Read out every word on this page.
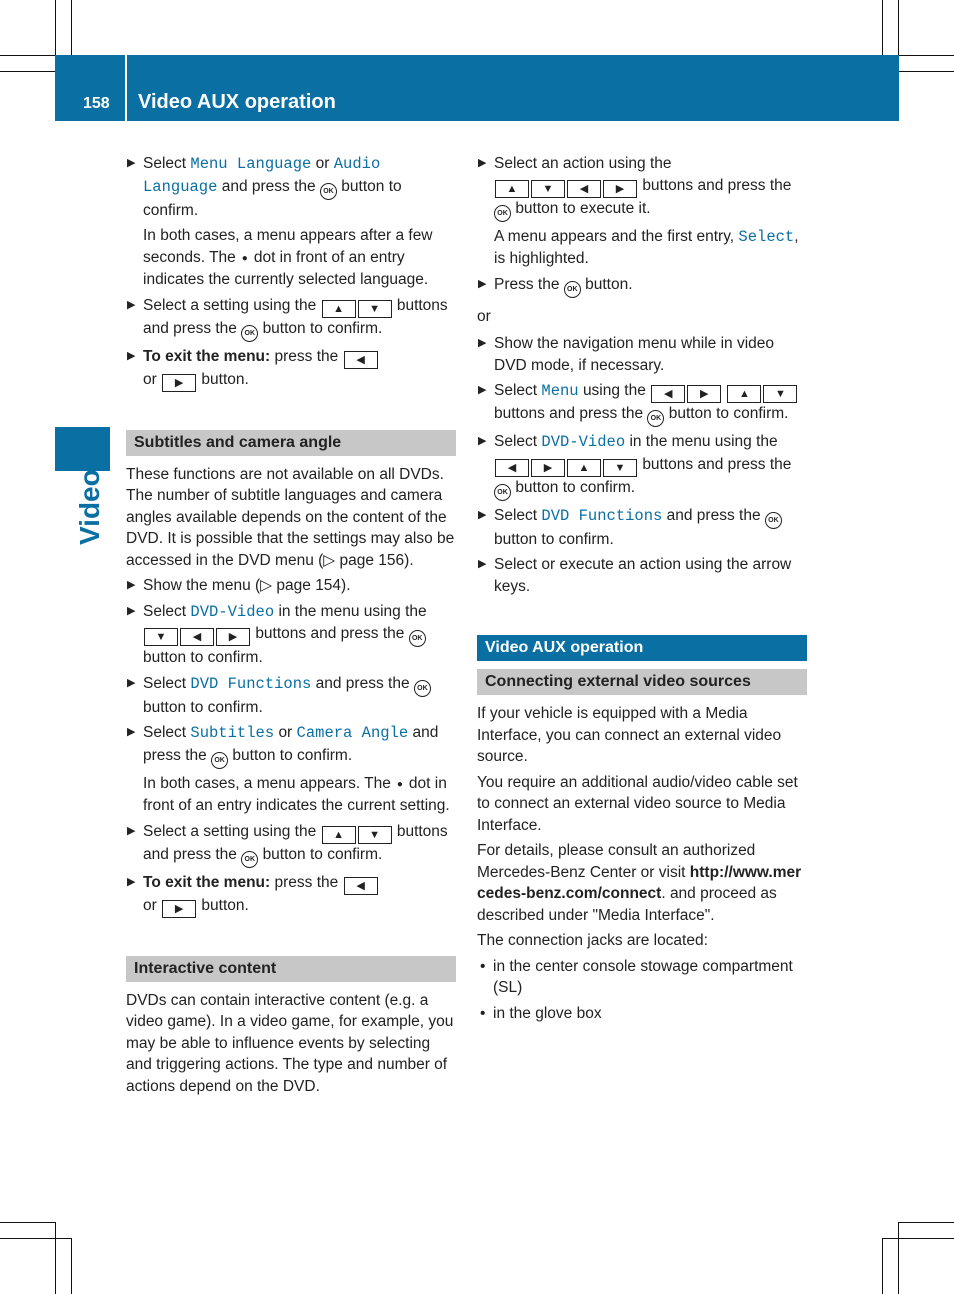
158 Video AUX operation
Video
▶ Select Menu Language or Audio Language and press the OK button to confirm.
In both cases, a menu appears after a few seconds. The ● dot in front of an entry indicates the currently selected language.
▶ Select a setting using the ▲ ▼ buttons and press the OK button to confirm.
▶ To exit the menu: press the ◀
or ▶ button.
Subtitles and camera angle

These functions are not available on all DVDs. The number of subtitle languages and camera angles available depends on the content of the DVD. It is possible that the settings may also be accessed in the DVD menu (▷ page 156).

▶ Show the menu (▷ page 154).
▶ Select DVD-Video in the menu using the ▼ ◀	▶ buttons and press the OK button to confirm.
▶ Select DVD Functions and press the OK button to confirm.
▶ Select Subtitles or Camera Angle and press the OK button to confirm.
In both cases, a menu appears. The ● dot in front of an entry indicates the current setting.
▶ Select a setting using the ▲ ▼ buttons and press the OK button to confirm.
▶ To exit the menu: press the ◀
or ▶ button.
Interactive content

DVDs can contain interactive content (e.g. a video game). In a video game, for example, you may be able to influence events by selecting and triggering actions. The type and number of actions depend on the DVD.

▶ Select an action using the
▲ ▼ ◀	▶ buttons and press the OK button to execute it.
A menu appears and the first entry, Select, is highlighted.
▶ Press the OK button.

or

▶ Show the navigation menu while in video DVD mode, if necessary.
▶ Select Menu using the ◀	▶	▲ ▼ buttons and press the OK button to confirm.
▶ Select DVD-Video in the menu using the ◀	▶ ▲ ▼ buttons and press the OK button to confirm.
▶ Select DVD Functions and press the OK button to confirm.
▶ Select or execute an action using the arrow keys.
Video AUX operation
Connecting external video sources

If your vehicle is equipped with a Media Interface, you can connect an external video source.

You require an additional audio/video cable set to connect an external video source to Media Interface.

For details, please consult an authorized Mercedes-Benz Center or visit http://www.mercedes-benz.com/connect. and proceed as described under "Media Interface".

The connection jacks are located:

• in the center console stowage compartment (SL)
• in the glove box
